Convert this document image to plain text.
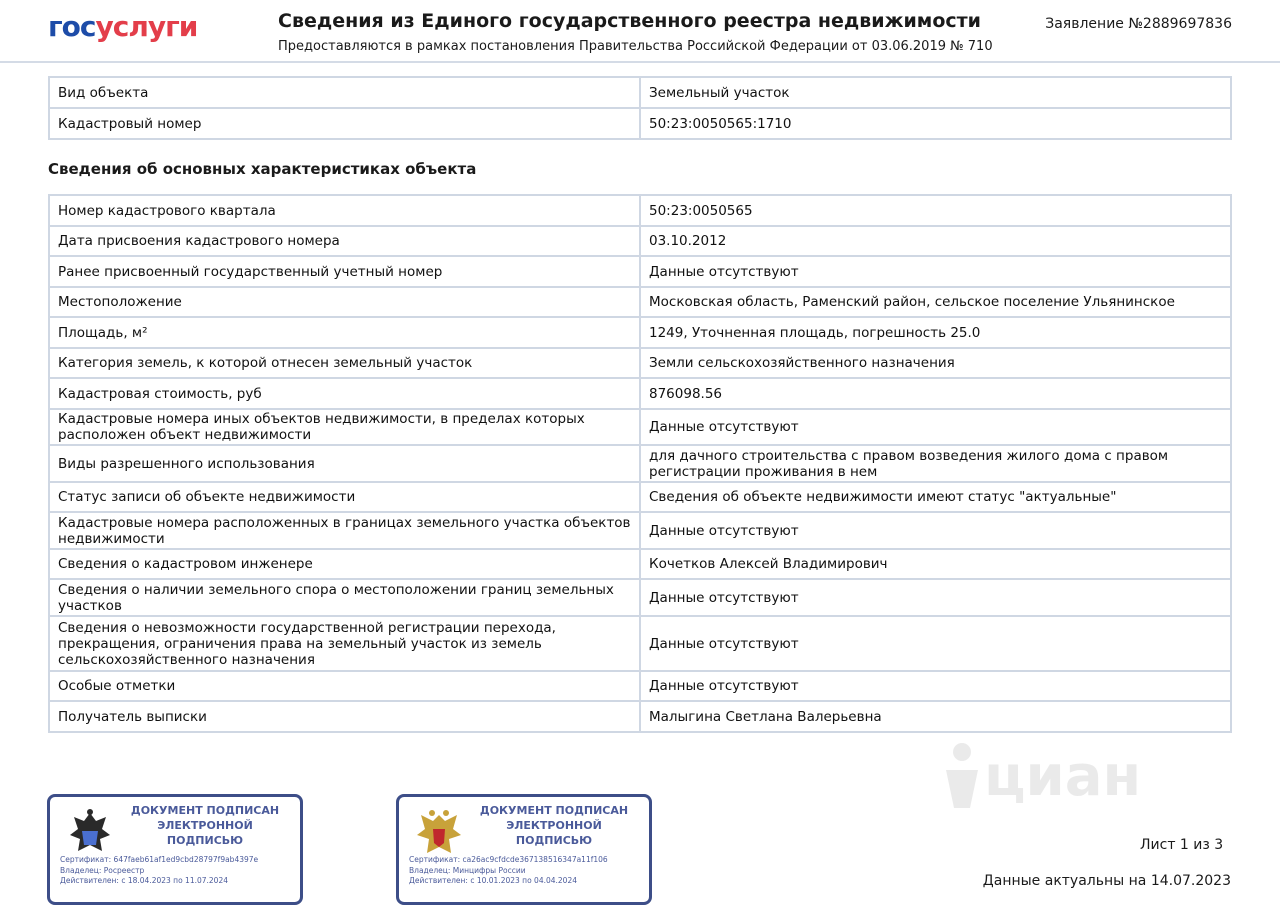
госуслуги	Сведения из Единого государственного реестра недвижимости
Предоставляются в рамках постановления Правительства Российской Федерации от 03.06.2019 № 710
Заявление №2889697836
Вид объекта	Земельный участок
Кадастровый номер	50:23:0050565:1710
Сведения об основных характеристиках объекта
Номер кадастрового квартала	50:23:0050565
Дата присвоения кадастрового номера	03.10.2012
Ранее присвоенный государственный учетный номер	Данные отсутствуют
Местоположение	Московская область, Раменский район, сельское поселение Ульянинское
Площадь, м²	1249, Уточненная площадь, погрешность 25.0
Категория земель, к которой отнесен земельный участок	Земли сельскохозяйственного назначения
Кадастровая стоимость, руб	876098.56
Кадастровые номера иных объектов недвижимости, в пределах которых расположен объект недвижимости	Данные отсутствуют
Виды разрешенного использования	для дачного строительства с правом возведения жилого дома с правом регистрации проживания в нем
Статус записи об объекте недвижимости	Сведения об объекте недвижимости имеют статус "актуальные"
Кадастровые номера расположенных в границах земельного участка объектов недвижимости	Данные отсутствуют
Сведения о кадастровом инженере	Кочетков Алексей Владимирович
Сведения о наличии земельного спора о местоположении границ земельных участков	Данные отсутствуют
Сведения о невозможности государственной регистрации перехода, прекращения, ограничения права на земельный участок из земель сельскохозяйственного назначения	Данные отсутствуют
Особые отметки	Данные отсутствуют
Получатель выписки	Малыгина Светлана Валерьевна
циан
ДОКУМЕНТ ПОДПИСАН
ЭЛЕКТРОННОЙ
ПОДПИСЬЮ
Сертификат: 647faeb61af1ed9cbd28797f9ab4397e
Владелец: Росреестр
Действителен: с 18.04.2023 по 11.07.2024
ДОКУМЕНТ ПОДПИСАН
ЭЛЕКТРОННОЙ
ПОДПИСЬЮ
Сертификат: ca26ac9cfdcde367138516347a11f106
Владелец: Минцифры России
Действителен: с 10.01.2023 по 04.04.2024
Лист 1 из 3
Данные актуальны на 14.07.2023
